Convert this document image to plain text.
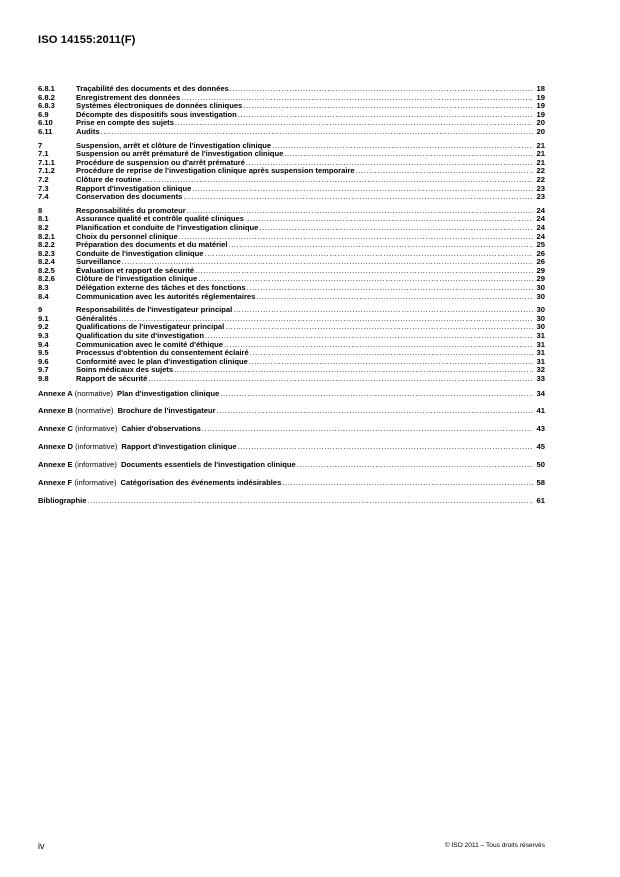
ISO 14155:2011(F)
6.8.1	Traçabilité des documents et des données .....	18
6.8.2	Enregistrement des données .....	19
6.8.3	Systèmes électroniques de données cliniques .....	19
6.9	Décompte des dispositifs sous investigation .....	19
6.10	Prise en compte des sujets .....	20
6.11	Audits .....	20
7	Suspension, arrêt et clôture de l'investigation clinique .....	21
7.1	Suspension ou arrêt prématuré de l'investigation clinique .....	21
7.1.1	Procédure de suspension ou d'arrêt prématuré .....	21
7.1.2	Procédure de reprise de l'investigation clinique après suspension temporaire .....	22
7.2	Clôture de routine .....	22
7.3	Rapport d'investigation clinique .....	23
7.4	Conservation des documents .....	23
8	Responsabilités du promoteur .....	24
8.1	Assurance qualité et contrôle qualité cliniques .....	24
8.2	Planification et conduite de l'investigation clinique .....	24
8.2.1	Choix du personnel clinique .....	24
8.2.2	Préparation des documents et du matériel .....	25
8.2.3	Conduite de l'investigation clinique .....	26
8.2.4	Surveillance .....	26
8.2.5	Évaluation et rapport de sécurité .....	29
8.2.6	Clôture de l'investigation clinique .....	29
8.3	Délégation externe des tâches et des fonctions .....	30
8.4	Communication avec les autorités réglementaires .....	30
9	Responsabilités de l'investigateur principal .....	30
9.1	Généralités .....	30
9.2	Qualifications de l'investigateur principal .....	30
9.3	Qualification du site d'investigation .....	31
9.4	Communication avec le comité d'éthique .....	31
9.5	Processus d'obtention du consentement éclairé .....	31
9.6	Conformité avec le plan d'investigation clinique .....	31
9.7	Soins médicaux des sujets .....	32
9.8	Rapport de sécurité .....	33
Annexe A (normative) Plan d'investigation clinique .....	34
Annexe B (normative) Brochure de l'investigateur .....	41
Annexe C (informative) Cahier d'observations .....	43
Annexe D (informative) Rapport d'investigation clinique .....	45
Annexe E (informative) Documents essentiels de l'investigation clinique .....	50
Annexe F (informative) Catégorisation des événements indésirables .....	58
Bibliographie .....	61
iv	© ISO 2011 – Tous droits réservés
